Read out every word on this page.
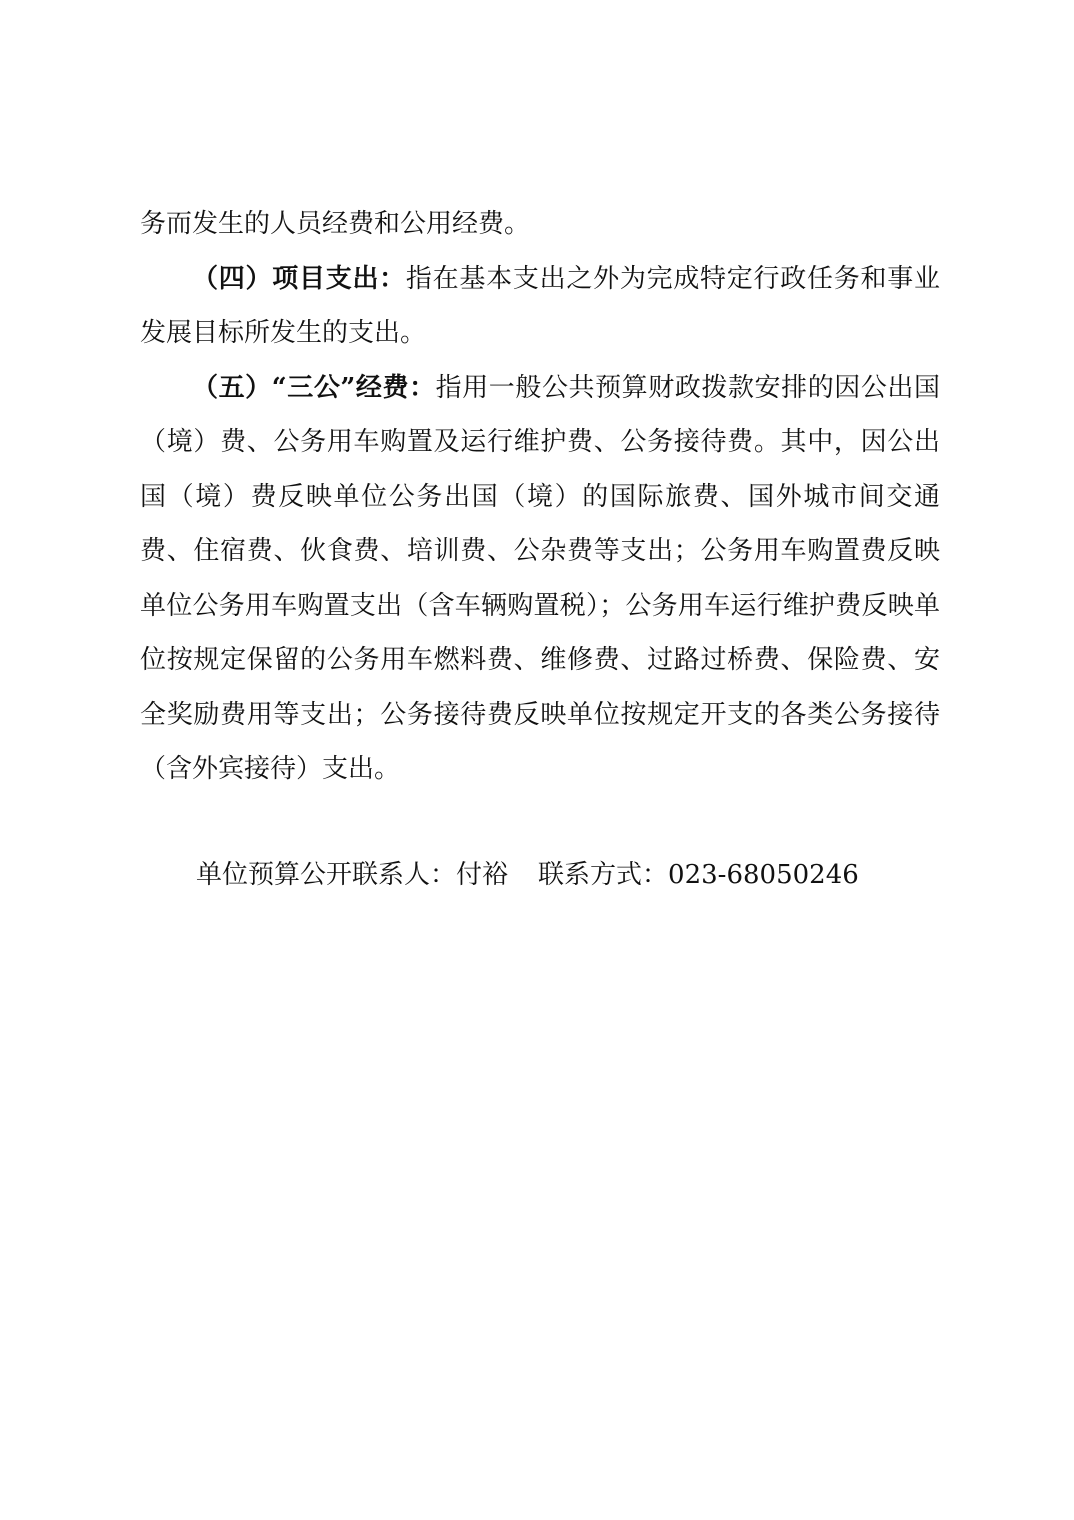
务而发生的人员经费和公用经费。

（四）项目支出：指在基本支出之外为完成特定行政任务和事业发展目标所发生的支出。

（五）“三公”经费：指用一般公共预算财政拨款安排的因公出国（境）费、公务用车购置及运行维护费、公务接待费。其中，因公出国（境）费反映单位公务出国（境）的国际旅费、国外城市间交通费、住宿费、伙食费、培训费、公杂费等支出；公务用车购置费反映单位公务用车购置支出（含车辆购置税）；公务用车运行维护费反映单位按规定保留的公务用车燃料费、维修费、过路过桥费、保险费、安全奖励费用等支出；公务接待费反映单位按规定开支的各类公务接待（含外宾接待）支出。

单位预算公开联系人：付裕 联系方式：023-68050246
